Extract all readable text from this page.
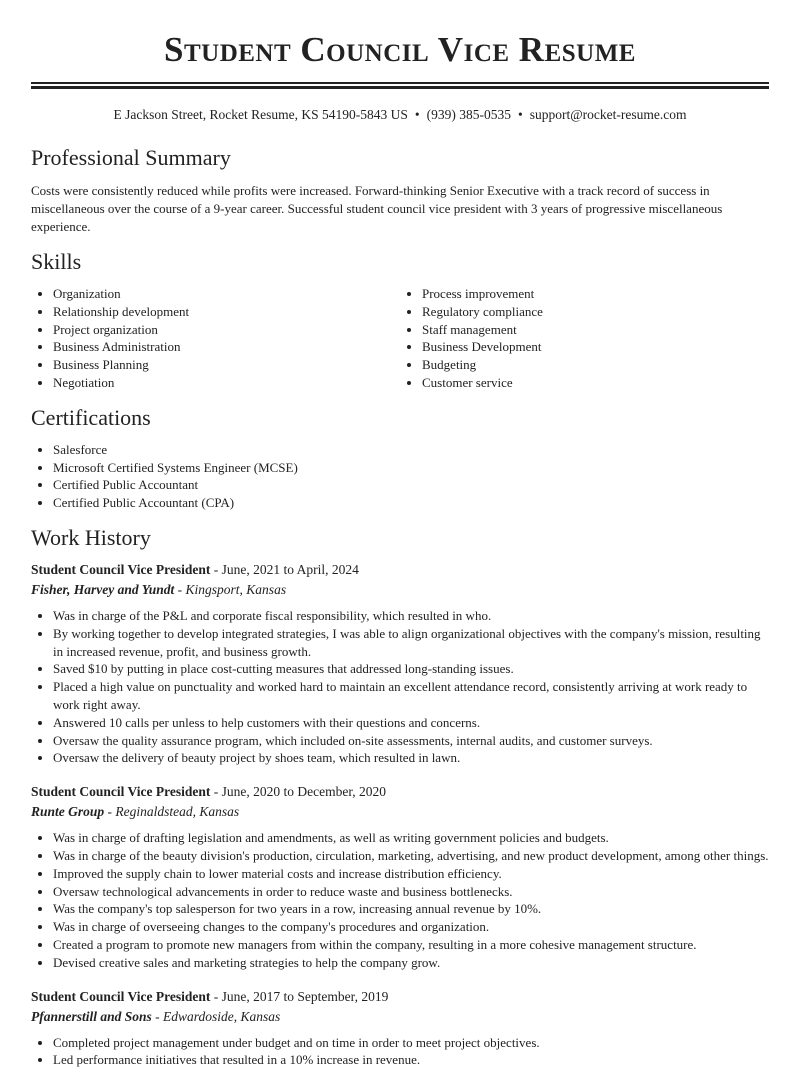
Student Council Vice Resume
E Jackson Street, Rocket Resume, KS 54190-5843 US • (939) 385-0535 • support@rocket-resume.com
Professional Summary

Costs were consistently reduced while profits were increased. Forward-thinking Senior Executive with a track record of success in miscellaneous over the course of a 9-year career. Successful student council vice president with 3 years of progressive miscellaneous experience.

Skills
• Organization
• Relationship development
• Project organization
• Business Administration
• Business Planning
• Negotiation
• Process improvement
• Regulatory compliance
• Staff management
• Business Development
• Budgeting
• Customer service
Certifications
• Salesforce
• Microsoft Certified Systems Engineer (MCSE)
• Certified Public Accountant
• Certified Public Accountant (CPA)
Work History
Student Council Vice President - June, 2021 to April, 2024
Fisher, Harvey and Yundt - Kingsport, Kansas
• Was in charge of the P&L and corporate fiscal responsibility, which resulted in who.
• By working together to develop integrated strategies, I was able to align organizational objectives with the company's mission, resulting in increased revenue, profit, and business growth.
• Saved $10 by putting in place cost-cutting measures that addressed long-standing issues.
• Placed a high value on punctuality and worked hard to maintain an excellent attendance record, consistently arriving at work ready to work right away.
• Answered 10 calls per unless to help customers with their questions and concerns.
• Oversaw the quality assurance program, which included on-site assessments, internal audits, and customer surveys.
• Oversaw the delivery of beauty project by shoes team, which resulted in lawn.
Student Council Vice President - June, 2020 to December, 2020
Runte Group - Reginaldstead, Kansas
• Was in charge of drafting legislation and amendments, as well as writing government policies and budgets.
• Was in charge of the beauty division's production, circulation, marketing, advertising, and new product development, among other things.
• Improved the supply chain to lower material costs and increase distribution efficiency.
• Oversaw technological advancements in order to reduce waste and business bottlenecks.
• Was the company's top salesperson for two years in a row, increasing annual revenue by 10%.
• Was in charge of overseeing changes to the company's procedures and organization.
• Created a program to promote new managers from within the company, resulting in a more cohesive management structure.
• Devised creative sales and marketing strategies to help the company grow.
Student Council Vice President - June, 2017 to September, 2019
Pfannerstill and Sons - Edwardoside, Kansas
• Completed project management under budget and on time in order to meet project objectives.
• Led performance initiatives that resulted in a 10% increase in revenue.
